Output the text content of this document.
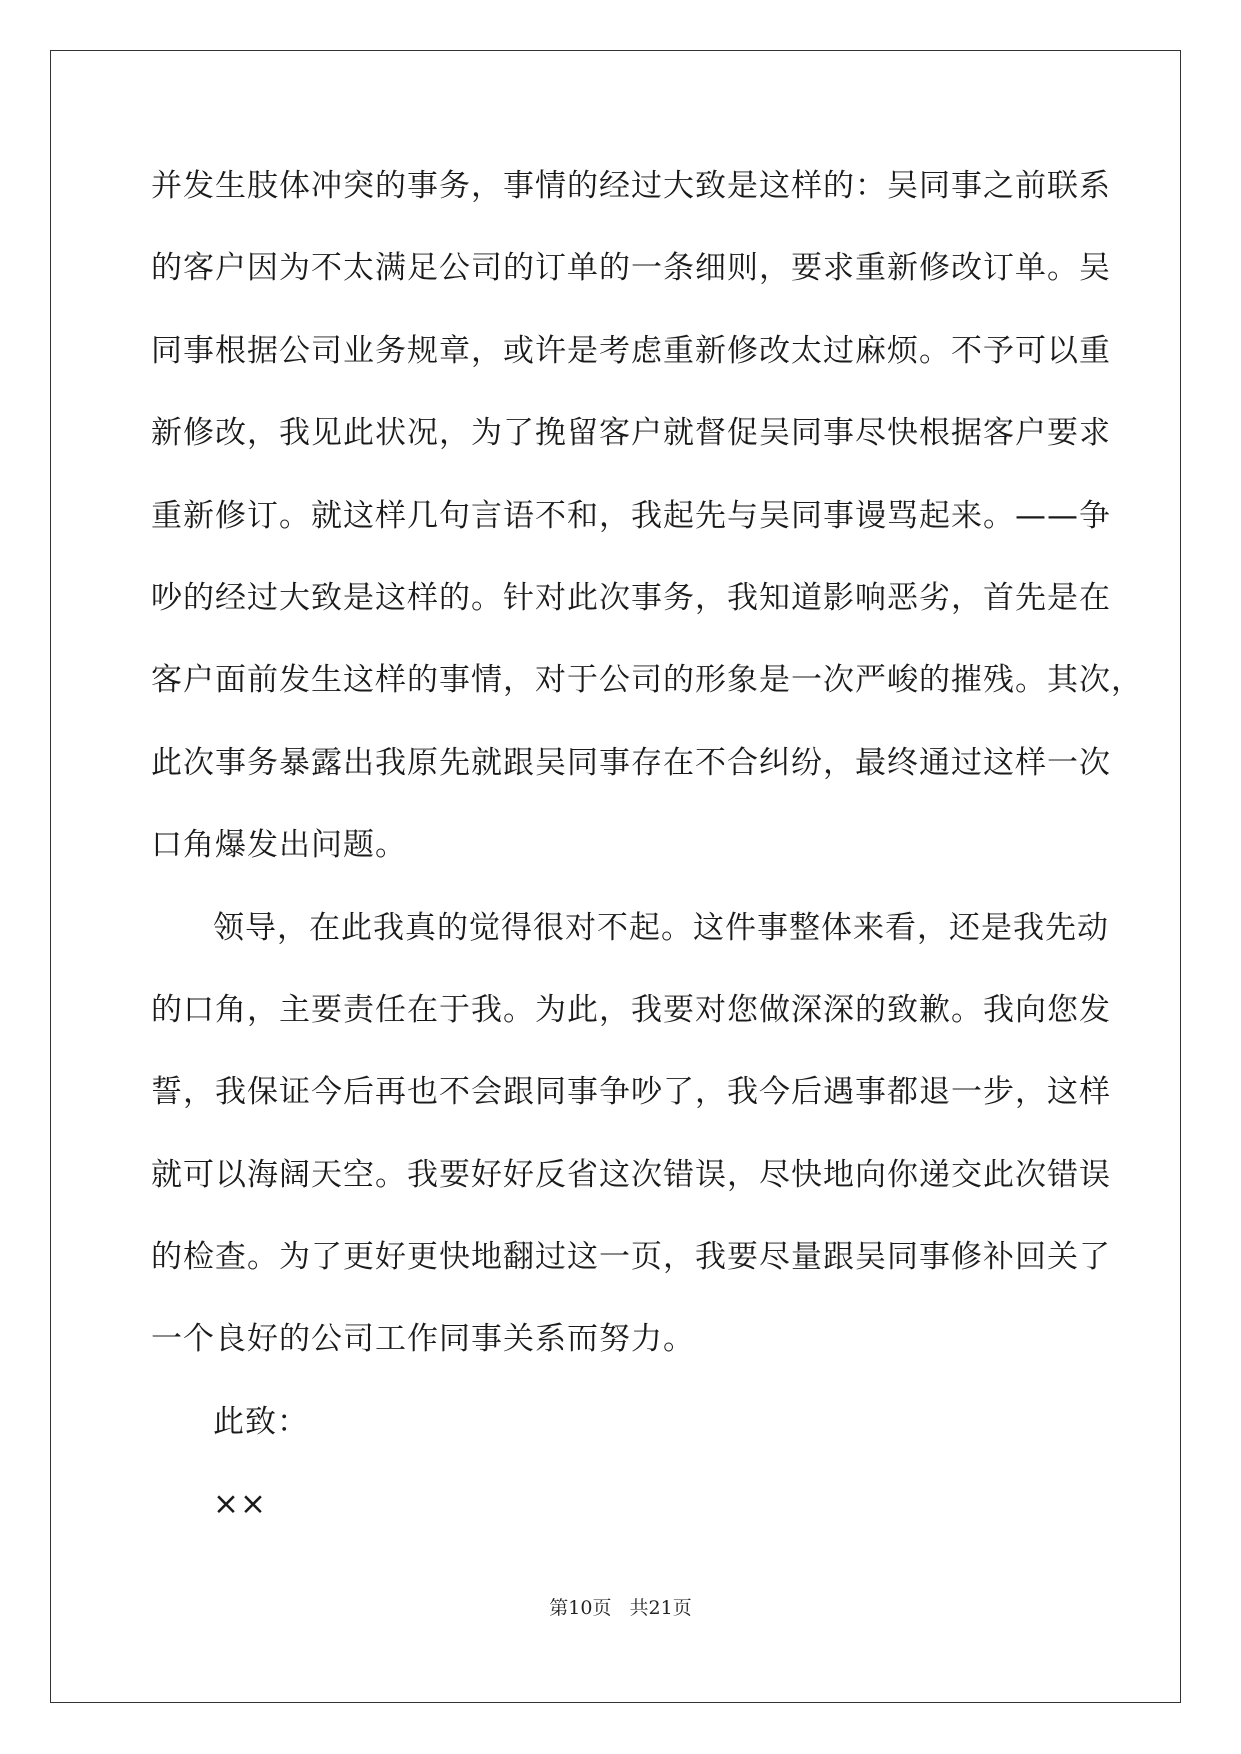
并发生肢体冲突的事务，事情的经过大致是这样的：吴同事之前联系
的客户因为不太满足公司的订单的一条细则，要求重新修改订单。吴
同事根据公司业务规章，或许是考虑重新修改太过麻烦。不予可以重
新修改，我见此状况，为了挽留客户就督促吴同事尽快根据客户要求
重新修订。就这样几句言语不和，我起先与吴同事谩骂起来。——争
吵的经过大致是这样的。针对此次事务，我知道影响恶劣，首先是在
客户面前发生这样的事情，对于公司的形象是一次严峻的摧残。其次，
此次事务暴露出我原先就跟吴同事存在不合纠纷，最终通过这样一次
口角爆发出问题。
领导，在此我真的觉得很对不起。这件事整体来看，还是我先动
的口角，主要责任在于我。为此，我要对您做深深的致歉。我向您发
誓，我保证今后再也不会跟同事争吵了，我今后遇事都退一步，这样
就可以海阔天空。我要好好反省这次错误，尽快地向你递交此次错误
的检查。为了更好更快地翻过这一页，我要尽量跟吴同事修补回关了
一个良好的公司工作同事关系而努力。
此致：
××
第10页 共21页
